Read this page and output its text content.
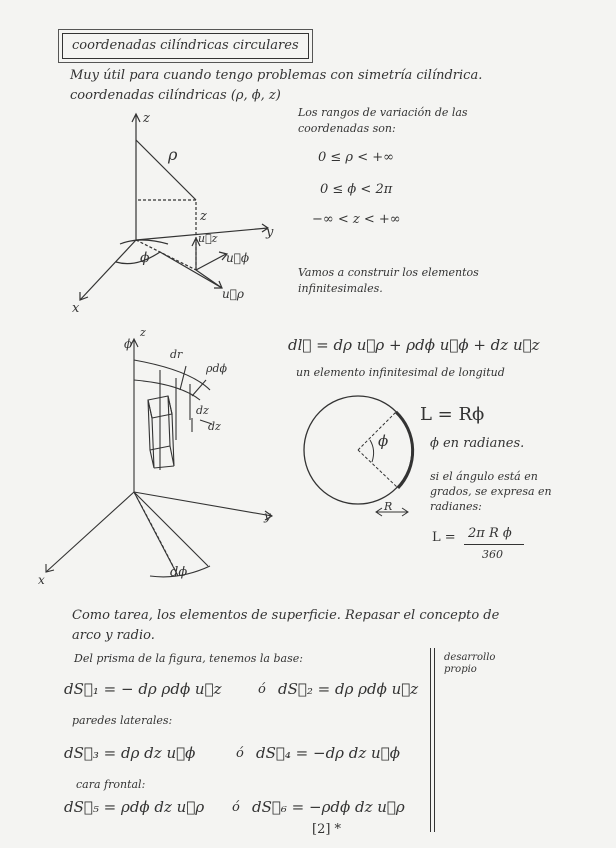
coordenadas cilíndricas circulares
Muy útil para cuando tengo problemas con simetría cilíndrica.
coordenadas cilíndricas (ρ, ϕ, z)
Los rangos de variación de las
coordenadas son:
0 ≤ ρ < +∞
0 ≤ ϕ < 2π
−∞ < z < +∞
Vamos a construir los elementos
infinitesimales.
z
y
x
ρ
z
ϕ
u⃗z
u⃗ϕ
u⃗ρ
ϕ
z
dr
ρdϕ
dz
dz
y
x	dϕ
dl⃗ = dρ u⃗ρ + ρdϕ u⃗ϕ + dz u⃗z
un elemento infinitesimal de longitud
ϕ
R
L = Rϕ
ϕ en radianes.
si el ángulo está en
grados, se expresa en
radianes:
L = 2π R ϕ
360
Como tarea, los elementos de superficie. Repasar el concepto de
arco y radio.
Del prisma de la figura, tenemos la base:	desarrollo
propio
dS⃗₁ = − dρ ρdϕ u⃗z	ó dS⃗₂ = dρ ρdϕ u⃗z
paredes laterales:
dS⃗₃ = dρ dz u⃗ϕ	ó dS⃗₄ = −dρ dz u⃗ϕ
cara frontal:
dS⃗₅ = ρdϕ dz u⃗ρ ó dS⃗₆ = −ρdϕ dz u⃗ρ
[2] *
